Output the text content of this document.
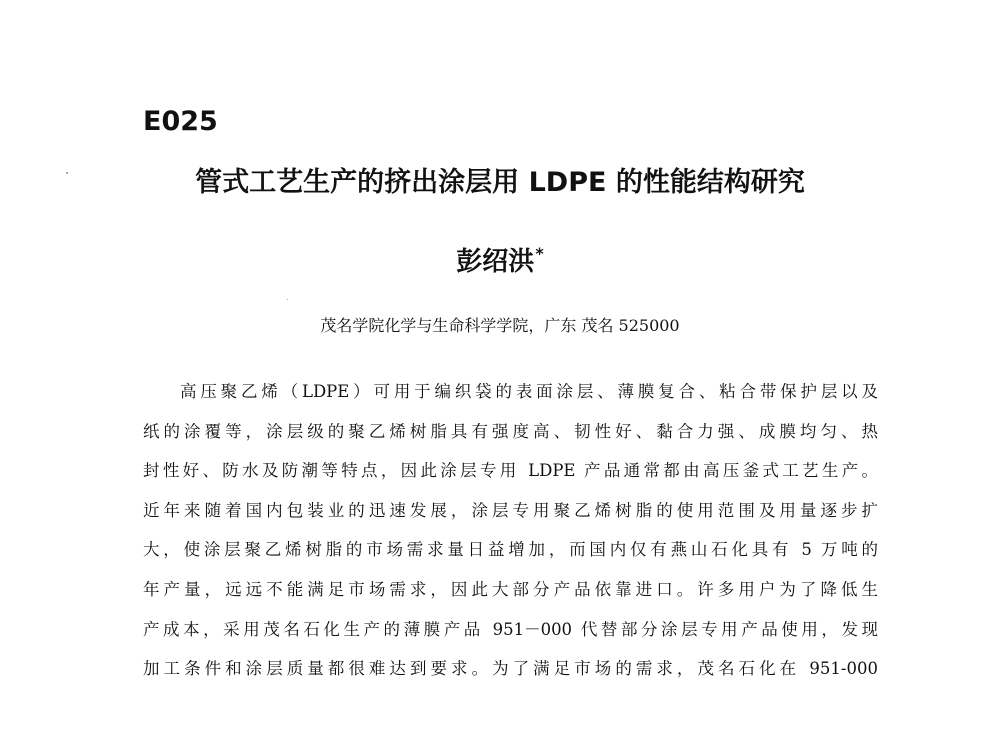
E025
管式工艺生产的挤出涂层用 LDPE 的性能结构研究
彭绍洪*
茂名学院化学与生命科学学院，广东 茂名 525000
高压聚乙烯（LDPE）可用于编织袋的表面涂层、薄膜复合、粘合带保护层以及
纸的涂覆等，涂层级的聚乙烯树脂具有强度高、韧性好、黏合力强、成膜均匀、热
封性好、防水及防潮等特点，因此涂层专用 LDPE 产品通常都由高压釜式工艺生产。
近年来随着国内包装业的迅速发展，涂层专用聚乙烯树脂的使用范围及用量逐步扩
大，使涂层聚乙烯树脂的市场需求量日益增加，而国内仅有燕山石化具有 5 万吨的
年产量，远远不能满足市场需求，因此大部分产品依靠进口。许多用户为了降低生
产成本，采用茂名石化生产的薄膜产品 951－000 代替部分涂层专用产品使用，发现
加工条件和涂层质量都很难达到要求。为了满足市场的需求，茂名石化在 951-000
